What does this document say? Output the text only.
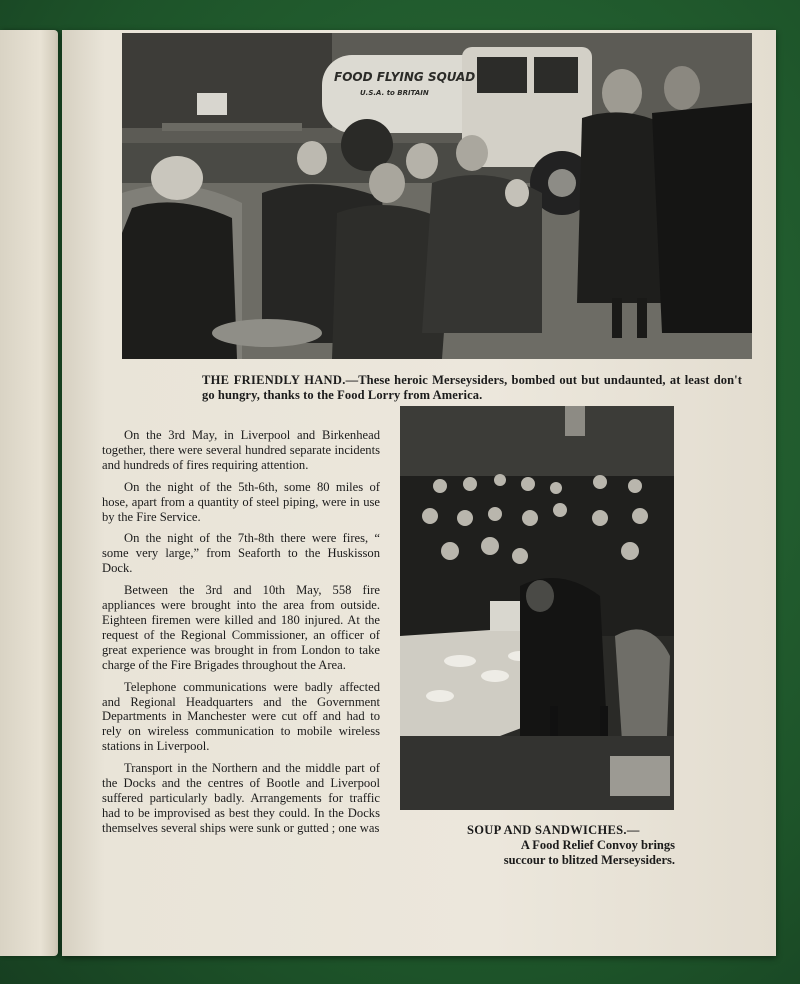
FOOD FLYING SQUAD
U.S.A. to BRITAIN
THE FRIENDLY HAND.—These heroic Merseysiders, bombed out but undaunted, at least don't go hungry, thanks to the Food Lorry from America.

On the 3rd May, in Liverpool and Birkenhead together, there were several hundred separate incidents and hundreds of fires requiring attention.

On the night of the 5th-6th, some 80 miles of hose, apart from a quantity of steel piping, were in use by the Fire Service.

On the night of the 7th-8th there were fires, “ some very large,” from Seaforth to the Huskisson Dock.

Between the 3rd and 10th May, 558 fire appliances were brought into the area from outside. Eighteen firemen were killed and 180 injured. At the request of the Regional Commissioner, an officer of great experience was brought in from London to take charge of the Fire Brigades throughout the Area.

Telephone communications were badly affected and Regional Headquarters and the Government Departments in Manchester were cut off and had to rely on wireless communication to mobile wireless stations in Liverpool.

Transport in the Northern and the middle part of the Docks and the centres of Bootle and Liverpool suffered particularly badly. Arrangements for traffic had to be improvised as best they could. In the Docks themselves several ships were sunk or gutted ; one was	SOUP AND SANDWICHES.—
A Food Relief Convoy brings
succour to blitzed Merseysiders.
